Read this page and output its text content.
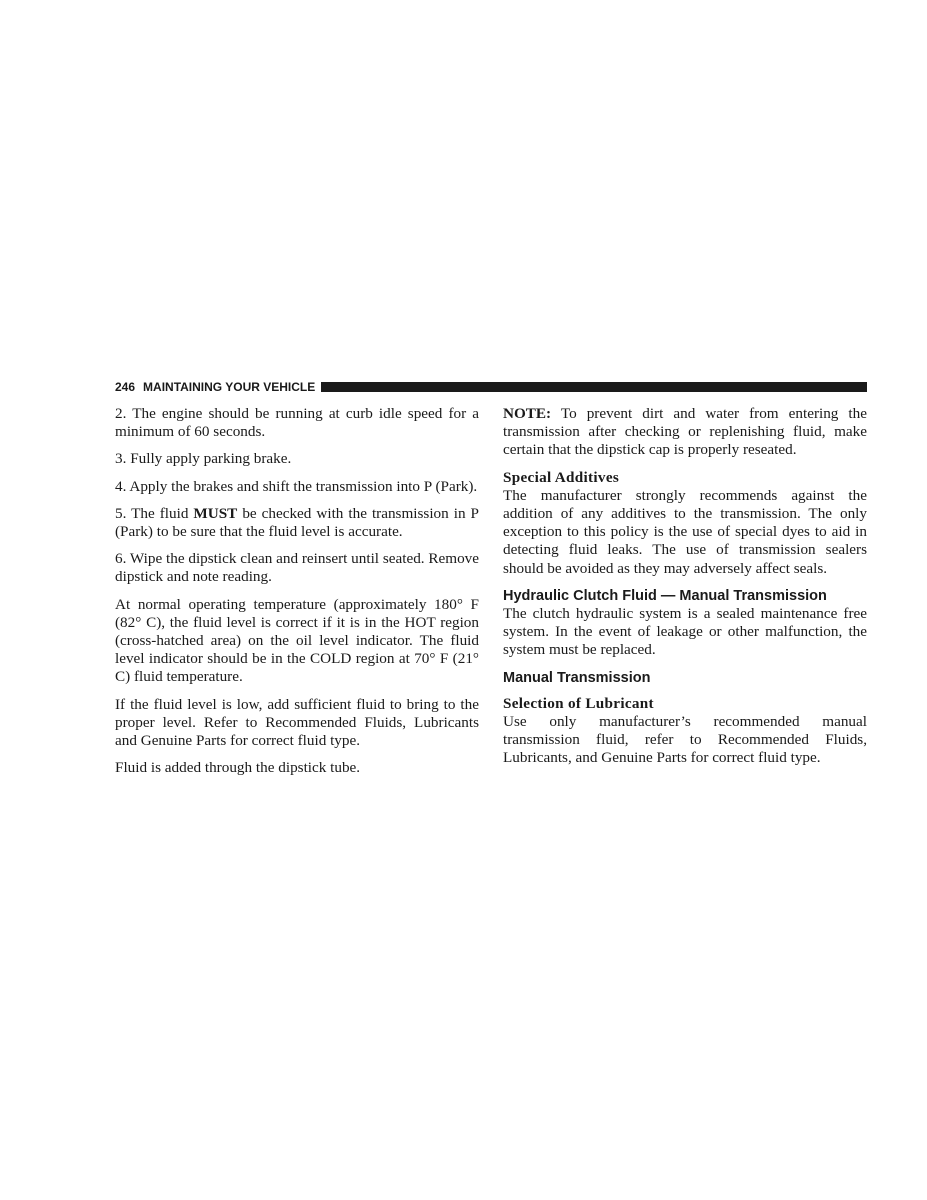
246 MAINTAINING YOUR VEHICLE

2. The engine should be running at curb idle speed for a minimum of 60 seconds.

3. Fully apply parking brake.

4. Apply the brakes and shift the transmission into P (Park).

5. The fluid MUST be checked with the transmission in P (Park) to be sure that the fluid level is accurate.

6. Wipe the dipstick clean and reinsert until seated. Remove dipstick and note reading.

At normal operating temperature (approximately 180° F (82° C), the fluid level is correct if it is in the HOT region (cross-hatched area) on the oil level indicator. The fluid level indicator should be in the COLD region at 70° F (21° C) fluid temperature.

If the fluid level is low, add sufficient fluid to bring to the proper level. Refer to Recommended Fluids, Lubricants and Genuine Parts for correct fluid type.

Fluid is added through the dipstick tube.

NOTE: To prevent dirt and water from entering the transmission after checking or replenishing fluid, make certain that the dipstick cap is properly reseated.

Special Additives

The manufacturer strongly recommends against the addition of any additives to the transmission. The only exception to this policy is the use of special dyes to aid in detecting fluid leaks. The use of transmission sealers should be avoided as they may adversely affect seals.

Hydraulic Clutch Fluid — Manual Transmission

The clutch hydraulic system is a sealed maintenance free system. In the event of leakage or other malfunction, the system must be replaced.

Manual Transmission
Selection of Lubricant

Use only manufacturer’s recommended manual transmission fluid, refer to Recommended Fluids, Lubricants, and Genuine Parts for correct fluid type.
